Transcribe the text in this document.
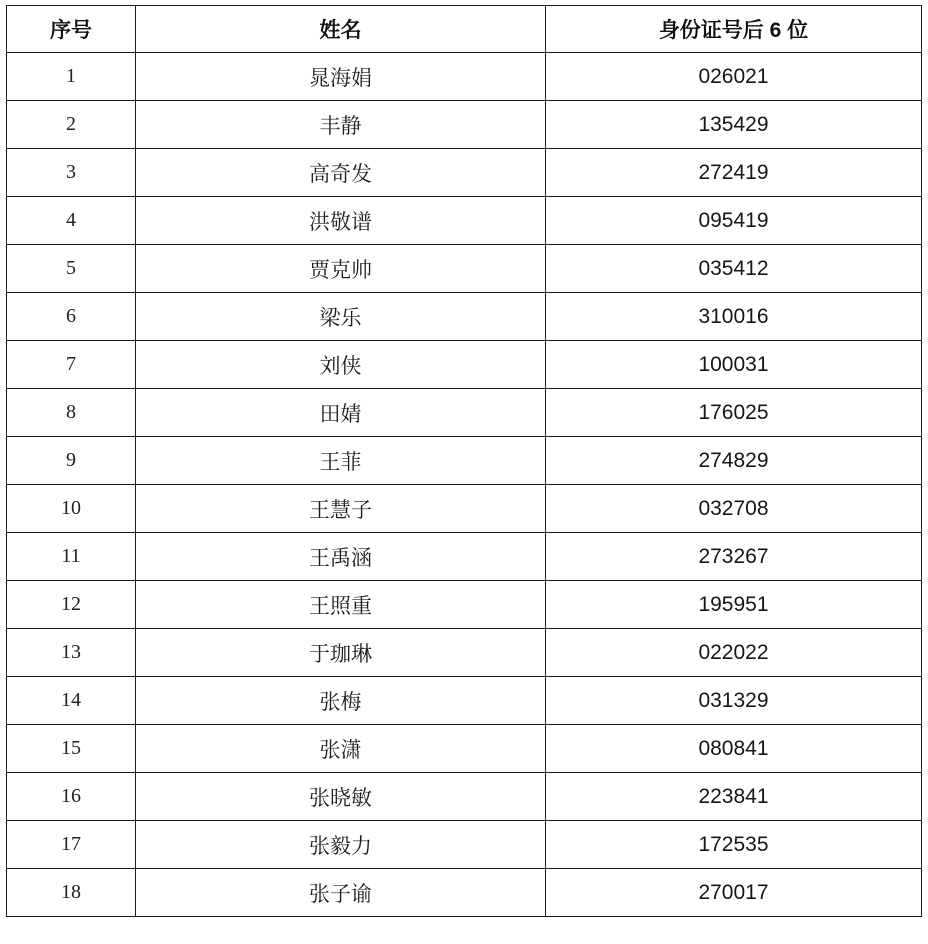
序号	姓名	身份证号后 6 位
1	晁海娟	026021
2	丰静	135429
3	高奇发	272419
4	洪敬谱	095419
5	贾克帅	035412
6	梁乐	310016
7	刘侠	100031
8	田婧	176025
9	王菲	274829
10	王慧子	032708
11	王禹涵	273267
12	王照重	195951
13	于珈琳	022022
14	张梅	031329
15	张潇	080841
16	张晓敏	223841
17	张毅力	172535
18	张子谕	270017
